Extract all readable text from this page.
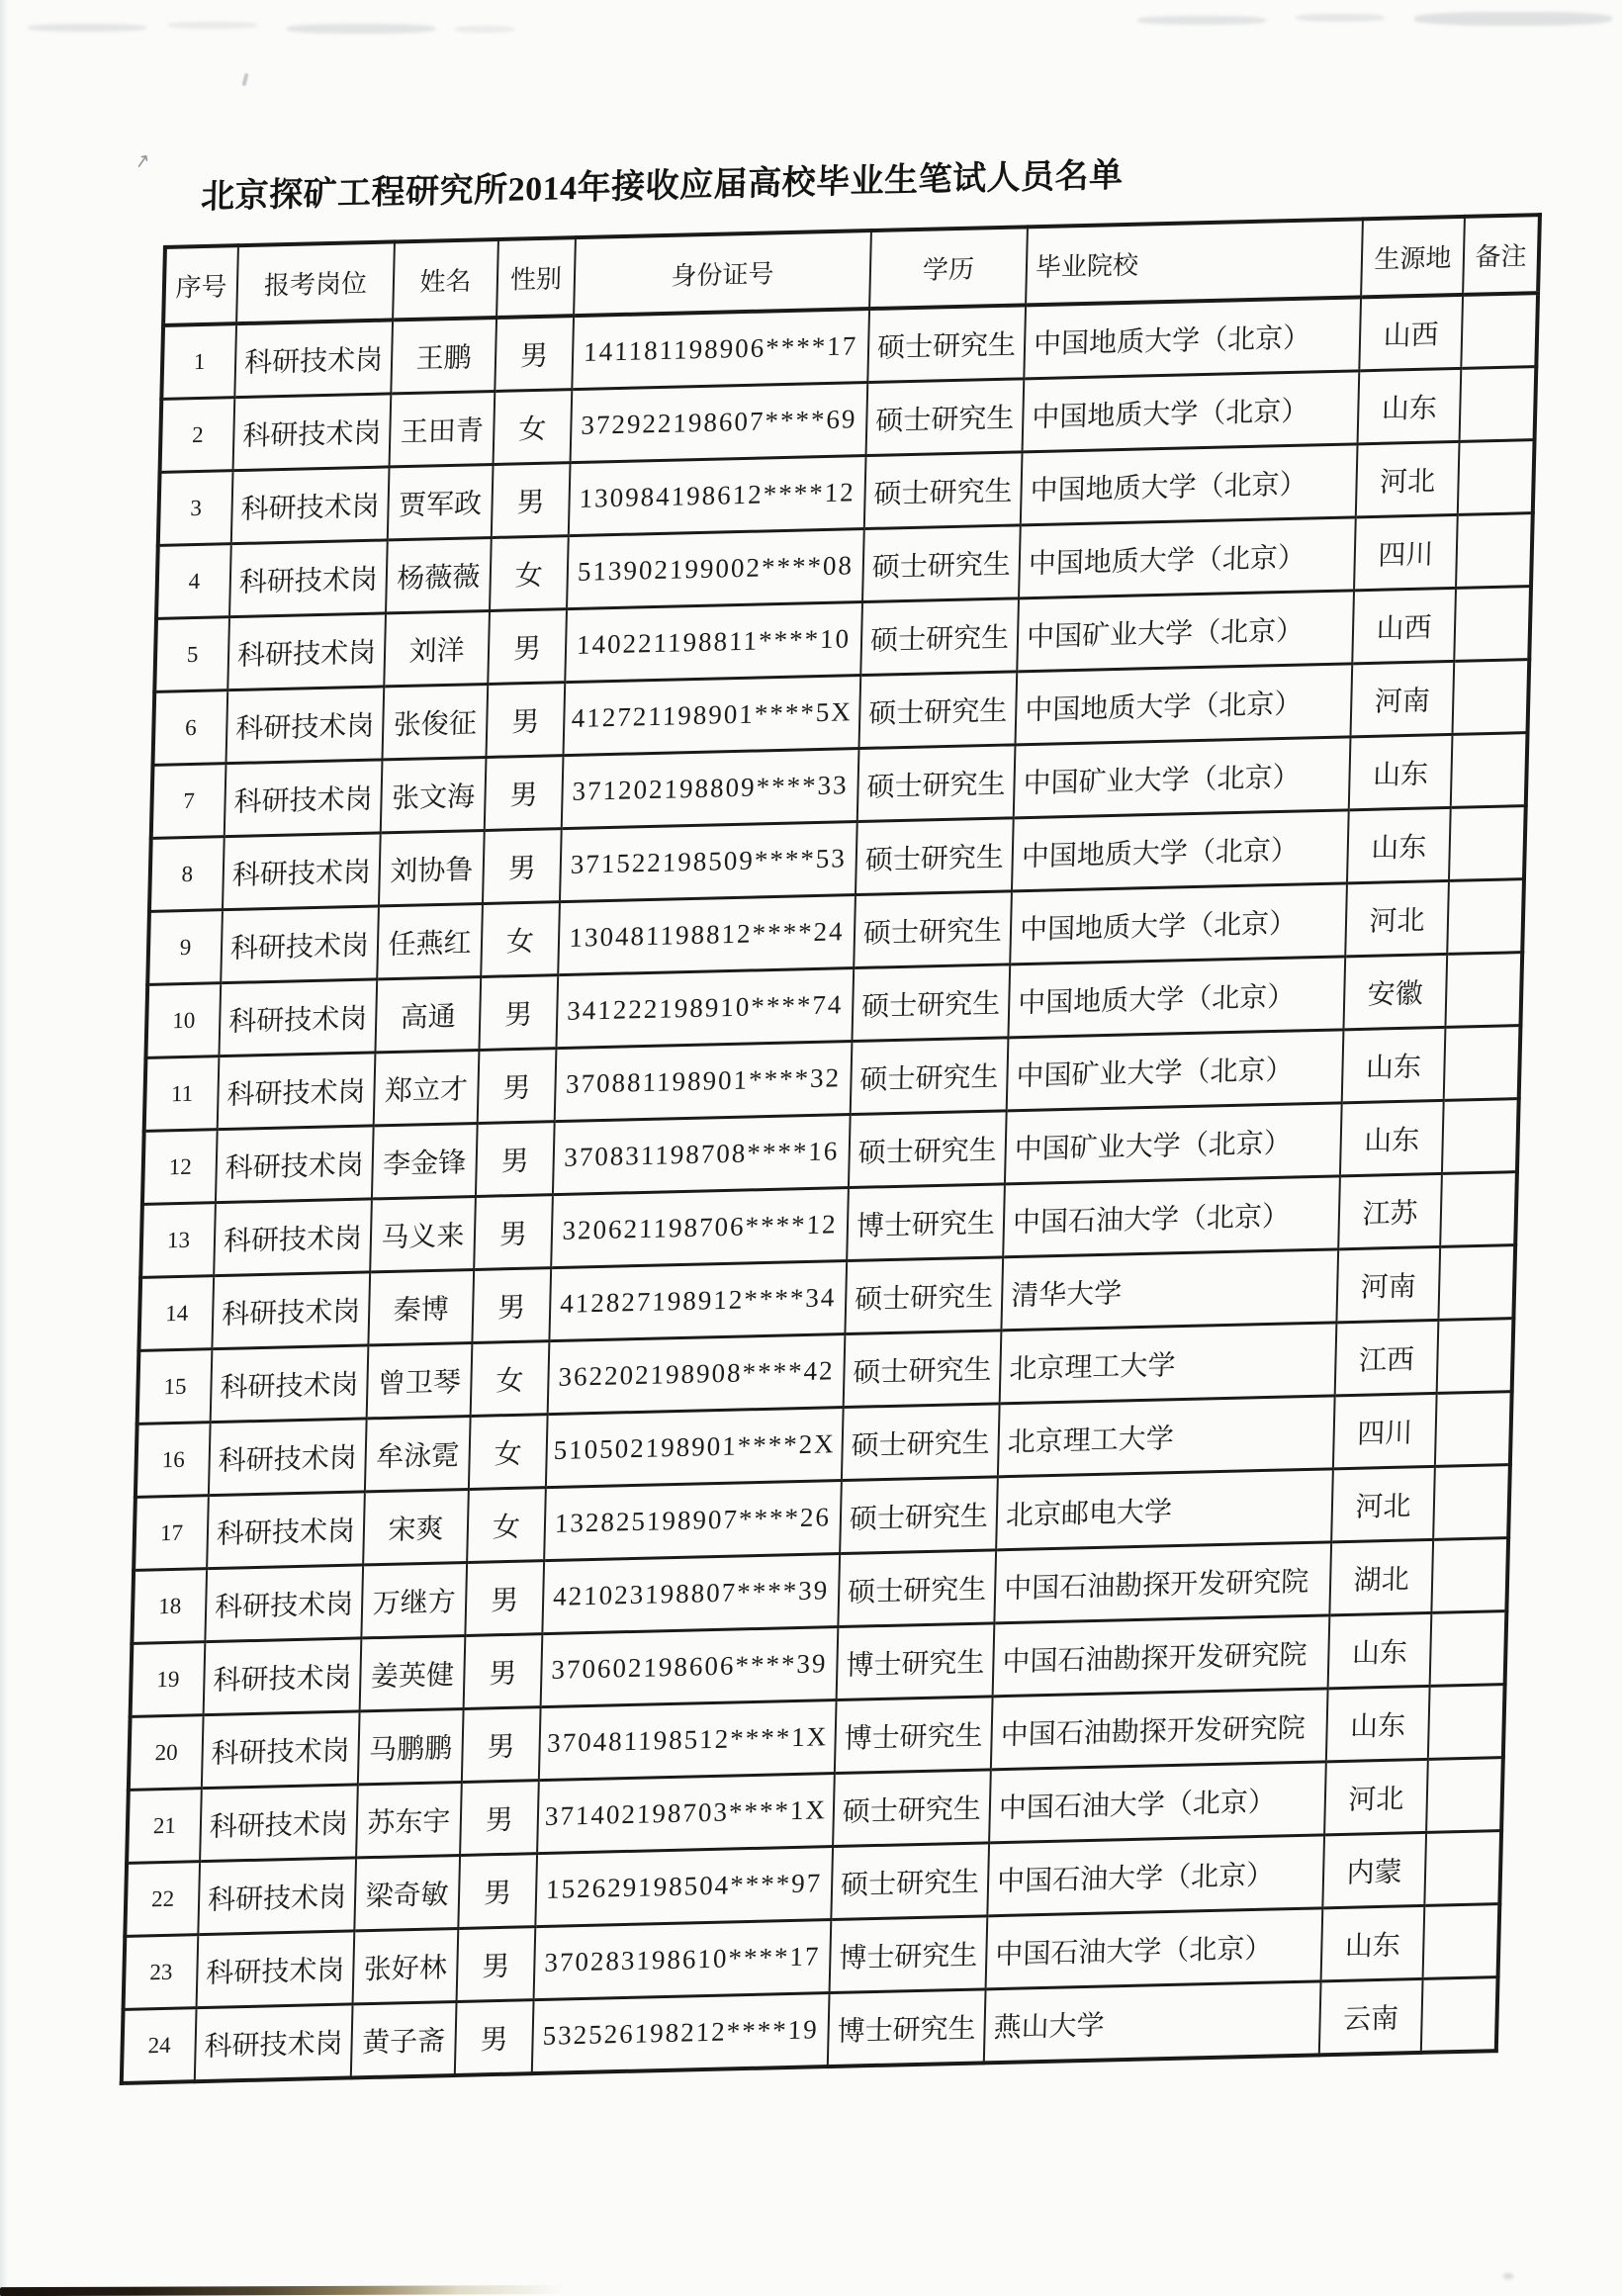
↗ 北京探矿工程研究所2014年接收应届高校毕业生笔试人员名单
序号	报考岗位	姓名	性别	身份证号	学历	毕业院校	生源地	备注
1	科研技术岗	王鹏	男	141181198906****17	硕士研究生	中国地质大学（北京）	山西	
2	科研技术岗	王田青	女	372922198607****69	硕士研究生	中国地质大学（北京）	山东	
3	科研技术岗	贾军政	男	130984198612****12	硕士研究生	中国地质大学（北京）	河北	
4	科研技术岗	杨薇薇	女	513902199002****08	硕士研究生	中国地质大学（北京）	四川	
5	科研技术岗	刘洋	男	140221198811****10	硕士研究生	中国矿业大学（北京）	山西	
6	科研技术岗	张俊征	男	412721198901****5X	硕士研究生	中国地质大学（北京）	河南	
7	科研技术岗	张文海	男	371202198809****33	硕士研究生	中国矿业大学（北京）	山东	
8	科研技术岗	刘协鲁	男	371522198509****53	硕士研究生	中国地质大学（北京）	山东	
9	科研技术岗	任燕红	女	130481198812****24	硕士研究生	中国地质大学（北京）	河北	
10	科研技术岗	高通	男	341222198910****74	硕士研究生	中国地质大学（北京）	安徽	
11	科研技术岗	郑立才	男	370881198901****32	硕士研究生	中国矿业大学（北京）	山东	
12	科研技术岗	李金锋	男	370831198708****16	硕士研究生	中国矿业大学（北京）	山东	
13	科研技术岗	马义来	男	320621198706****12	博士研究生	中国石油大学（北京）	江苏	
14	科研技术岗	秦博	男	412827198912****34	硕士研究生	清华大学	河南	
15	科研技术岗	曾卫琴	女	362202198908****42	硕士研究生	北京理工大学	江西	
16	科研技术岗	牟泳霓	女	510502198901****2X	硕士研究生	北京理工大学	四川	
17	科研技术岗	宋爽	女	132825198907****26	硕士研究生	北京邮电大学	河北	
18	科研技术岗	万继方	男	421023198807****39	硕士研究生	中国石油勘探开发研究院	湖北	
19	科研技术岗	姜英健	男	370602198606****39	博士研究生	中国石油勘探开发研究院	山东	
20	科研技术岗	马鹏鹏	男	370481198512****1X	博士研究生	中国石油勘探开发研究院	山东	
21	科研技术岗	苏东宇	男	371402198703****1X	硕士研究生	中国石油大学（北京）	河北	
22	科研技术岗	梁奇敏	男	152629198504****97	硕士研究生	中国石油大学（北京）	内蒙	
23	科研技术岗	张好林	男	370283198610****17	博士研究生	中国石油大学（北京）	山东	
24	科研技术岗	黄子斋	男	532526198212****19	博士研究生	燕山大学	云南	
